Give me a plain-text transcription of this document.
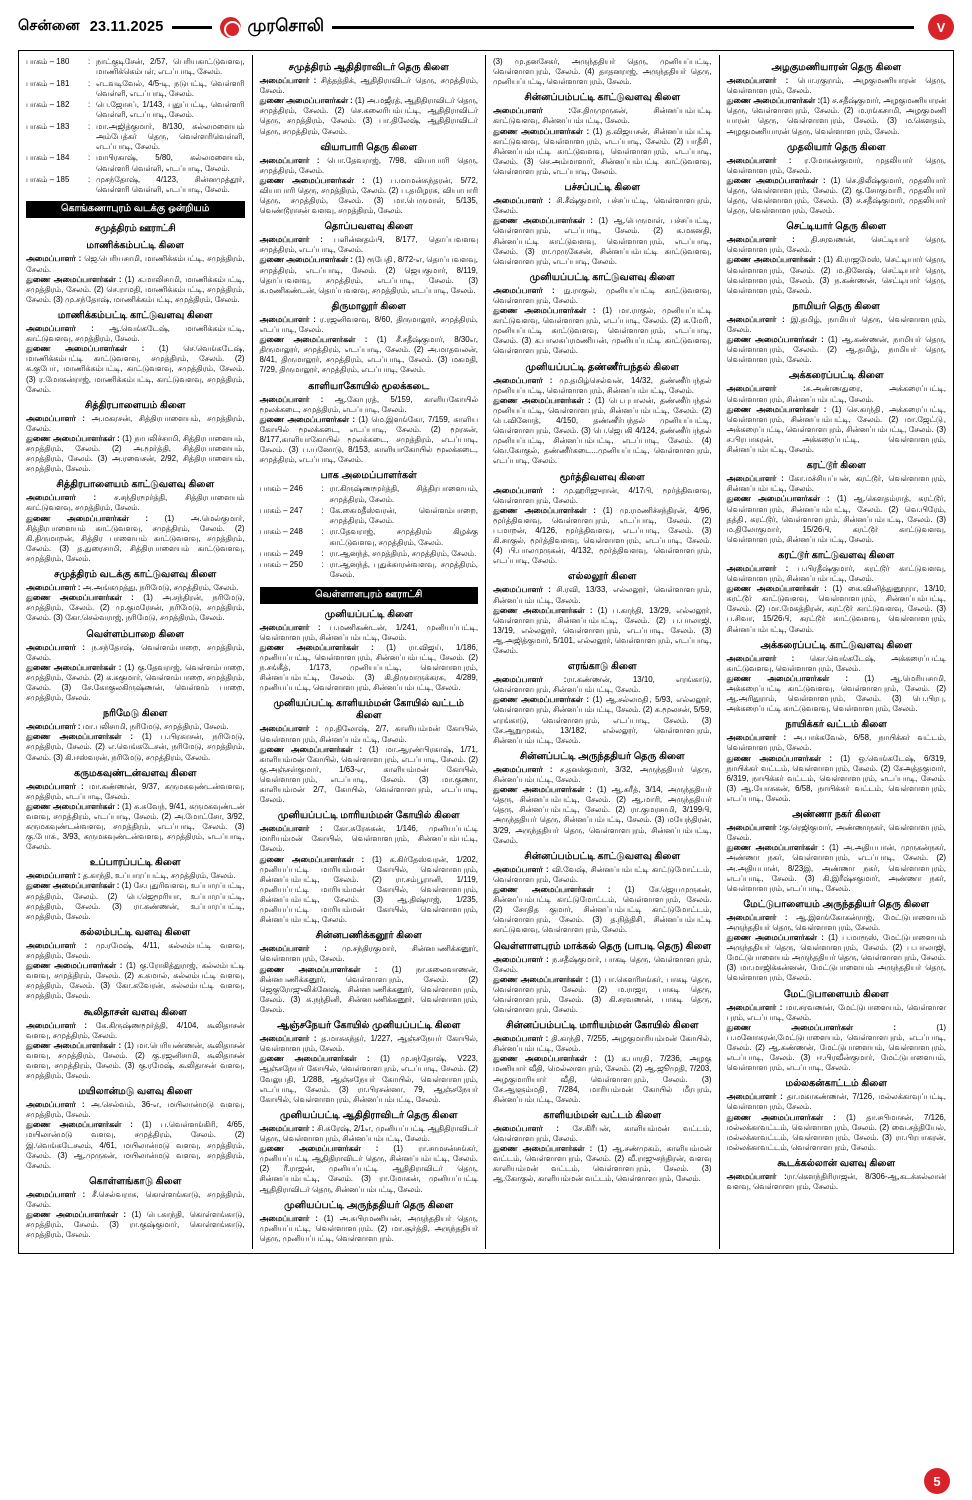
சென்னை 23.11.2025	முரசொலி	V
பாகம் – 180	: நாட்குடிசேன், 2/57, பெரியகாட்டுவளவு, மாணிக்கெம்பள், எடப்பாடி, சேலம்.
பாகம் – 181	: எடவடிவேல், 4/5-டி, நடுபட்டி, வெள்ளரி வெள்ளி, எடப்பாடி, சேலம்.
பாகம் – 182	: பெ.ஜோசப், 1/143, புதுப்பட்டி, வெள்ளரி வெள்ளி, எடப்பாடி, சேலம்.
பாகம் – 183	: மா.அஜித்குமார், 8/130, கல்லமளையம் அம்பேத்கர் தெரு, வெள்ளரிவெள்ளி, எடப்பாடி, சேலம்.
பாகம் – 184	: மாபிரகாஷ், 5/80, கல்லமளையம், வெள்ளரி வெள்ளி, எடப்பாடி, சேலம்.
பாகம் – 185	: முசந்தோஷ், 4/123, சின்னமுத்தூர், வெள்ளரி வெள்ளி, எடப்பாடி, சேலம்.
கொங்கணாபுரம் வடக்கு ஒன்றியம்
சமுத்திரம் ஊராட்சி
மாணிக்கம்பட்டி கிளை
அமைப்பாளர் : ஜெ.பெரியசாமி, மாணிக்கம்பட்டி, சமுத்திரம், சேலம்.
துணை அமைப்பாளர்கள் : (1) க.மாலிசாமி, மாணிக்கம்பட்டி, சமுத்திரம், சேலம். (2) செ.ராமதி, மாணிக்கம்பட்டி, சமுத்திரம், சேலம். (3) மு.சந்தோஷ், மாணிக்கம்பட்டி, சமுத்திரம், சேலம்.
மாணிக்கம்பட்டி காட்டுவளவு கிளை
அமைப்பாளர் : ஆ.வெங்கடேஷ், மாணிக்கம்பட்டி, காட்டுவளவு, சமுத்திரம், சேலம்.
துணை அமைப்பாளர்கள் : (1) செ.வெங்கடேஷ், மாணிக்கம்பட்டி காட்டுவளவு, சமுத்திரம், சேலம். (2) க.குபோ், மாணிக்கம்பட்டி, காட்டுவளவு, சமுத்திரம், சேலம். (3) ர.மோகன்ராஜ், மாணிக்கம்பட்டி, காட்டுவளவு, சமுத்திரம், சேலம்.
சித்திரபாளையம் கிளை
அமைப்பாளர் : அ.மகரசன், சித்திரபாளையம், சமுத்திரம், சேலம்.
துணை அமைப்பாளர்கள் : (1) நாபலிச்சாமி, சித்திரபாளையம், சமுத்திரம், சேலம். (2) அ.மூர்த்தி, சித்திரபாளையம், சமுத்திரம், சேலம். (3) அ.ரவைசன், 2/92, சித்திரபாளையம், சமுத்திரம், சேலம்.
சித்திரபாளையம் காட்டுவளவு கிளை
அமைப்பாளர் : ச.சந்திரமூர்த்தி, சித்திரபாளையம் காட்டுவளவு, சமுத்திரம், சேலம்.
துணை அமைப்பாளர்கள் : (1) அ.மெல்குமார், சித்திரபாளையம் காட்டுவளவு, சமுத்திரம், சேலம். (2) கி.திருமாறன், சித்திர பாளையம் காட்டுவளவு, சமுத்திரம், சேலம். (3) த.துரைசாமி, சித்திரபாளையம் காட்டுவளவு, சமுத்திரம், சேலம்.
சமுத்திரம் வடக்கு காட்டுவளவு கிளை
அமைப்பாளர் : அ.அங்கமுத்து, நரிமேடு, சமுத்திரம், சேலம்.
துணை அமைப்பாளர்கள் : (1) அ.சந்திரன், நரிமேடு, சமுத்திரம், சேலம். (2) மு.குமரேசன், நரிமேடு, சமுத்திரம், சேலம். (3) கோ.செல்வராஜ், நரிமேடு, சமுத்திரம், சேலம்.
வெள்ளம்பாறை கிளை
அமைப்பாளர் : ந.சந்தோஷ், வெள்ளம்பாறை, சமுத்திரம், சேலம்.
துணை அமைப்பாளர்கள் : (1) கு.தேவராஜ், வெள்ளம்பாறை, சமுத்திரம், சேலம். (2) க.சுகுமார், வெள்ளம்பாறை, சமுத்திரம், சேலம். (3) சே.கோகுலகிருஷ்ணன், வெள்ளம் பாறை, சமுத்திரம், சேலம்.
நரிமேடு கிளை
அமைப்பாளர் : மா.பலிசாமி, நரிமேடு, சமுத்திரம், சேலம்.
துணை அமைப்பாளர்கள் : (1) ப.பிரகாசன், நரிமேடு, சமுத்திரம், சேலம். (2) எ.வெங்கடேசன், நரிமேடு, சமுத்திரம், சேலம். (3) கி.ஈஸ்வரன், நரிமேடு, சமுத்திரம், சேலம்.
கருமகவுண்டன்வளவு கிளை
அமைப்பாளர் : மா.கண்ணன், 9/37, கருமகவுண்டன்வளவு, சமுத்திரம், எடப்பாடி, சேலம்.
துணை அமைப்பாளர்கள் : (1) சு.சுவேந், 9/41, கருமகவுண்டன் வளவு, சமுத்திரம், எடப்பாடி, சேலம். (2) அ.மோட்சோ, 3/92, கருமகவுண்டன்வளவு, சமுத்திரம், எடப்பாடி, சேலம். (3) கு.போசு், 3/93, கருமகவுண்டன்வளவு, சமுத்திரம், எடப்பாடி, சேலம்.
உப்பாரப்பட்டி கிளை
அமைப்பாளர் : த.காந்தி, உப்பாரப்பட்டி, சமுத்திரம், சேலம்.
துணை அமைப்பாளர்கள் : (1) சே.புதுரிவளவு, உப்பாரப்பட்டி, சமுத்திரம், சேலம். (2) பெ.ஜெமூரியா, உப்பாரப்பட்டி, சமுத்திரம், சேலம். (3) ரா.கண்ணன், உப்பாரப்பட்டி, சமுத்திரம், சேலம்.
கல்லம்பட்டி வளவு கிளை
அமைப்பாளர் : மு.ரமேஷ், 4/11, கல்லம்பட்டி வளவு, சமுத்திரம், சேலம்.
துணை அமைப்பாளர்கள் : (1) கு.ரோகித்துராஜ், கல்லம்பட்டி வளவு, சமுத்திரம், சேலம். (2) க.கமால், கல்லம்பட்டி வளவு, சமுத்திரம், சேலம். (3) கோ.கவேரன், கல்லம்பட்டி வளவு, சமுத்திரம், சேலம்.
கூலிதாசன் வளவு கிளை
அமைப்பாளர் : கே.கிருஷ்ணமூர்த்தி, 4/104, கூலிதாசன் வளவு, சமுத்திரம், சேலம்.
துணை அமைப்பாளர்கள் : (1) மா.பெரியண்ணன், கூலிதாசன் வளவு, சமுத்திரம், சேலம். (2) கு.ரஜனிசாமி, கூலிதாசன் வளவு, சமுத்திரம், சேலம். (3) கு.ரமேஷ், கூலிதாசன் வளவு, சமுத்திரம், சேலம்.
மயிலான்மடு வளவு கிளை
அமைப்பாளர் : அ.செல்வம், 36-எ, மயிலான்மடு வளவு, சமுத்திரம், சேலம்.
துணை அமைப்பாளர்கள் : (1) ப.வெள்ளங்கிரி, 4/65, மயிலான்மடு வளவு, சமுத்திரம், சேலம். (2) இ.வெங்கடேசலம், 4/61, மயிலான்மடு வளவு, சமுத்திரம், சேலம். (3) ஆ.முருகன், மயிலான்மடு வளவு, சமுத்திரம், சேலம்.
கொள்ளங்காடு கிளை
அமைப்பாளர் : சீ.செல்வராசு, கொள்ளங்காடு, சமுத்திரம், சேலம்.
துணை அமைப்பாளர்கள் : (1) பெ.காந்தி, கொள்ளங்காடு, சமுத்திரம், சேலம். (3) ரா.குஷ்குமார், கொள்ளங்காடு, சமுத்திரம், சேலம்.
சமுத்திரம் ஆதிதிராவிடர் தெரு கிளை
அமைப்பாளர் : சித்தத்திக், ஆதிதிராவிடர் தெரு, சமுத்திரம், சேலம்.
துணை அமைப்பாளர்கள் : (1) அ.மஜீரத், ஆதிதிராவிடர் தெரு, சமுத்திரம், சேலம். (2) செ.கலைரிபம்பட்டி, ஆதிதிராவிடர் தெரு, சமுத்திரம், சேலம். (3) பா.திலேஷ், ஆதிதிராவிடர் தெரு, சமுத்திரம், சேலம்.
வியாபாரி தெரு கிளை
அமைப்பாளர் : பொ.தேவராஜ், 7/98, வியாபாரி தெரு, சமுத்திரம், சேலம்.
துணை அமைப்பாளர்கள் : (1) ப.மாமன்சுந்தரன், 5/72, வியாபாரி தெரு, சமுத்திரம், சேலம். (2) ப.தமிழரசு, வியாபாரி தெரு, சமுத்திரம், சேலம். (3) மா.பெருமாள், 5/135, வெண்டூராசன் வளவு, சமுத்திரம், சேலம்.
தொப்பவளவு கிளை
அமைப்பாளர் : பளின்னதம்பி, 8/177, தொப்பவளவு சமுத்திரம், எடப்பாடி, சேலம்.
துணை அமைப்பாளர்கள் : (1) ரூபேதி், 8/72-எ, தொப்பவளவு, சமுத்திரம், எடப்பாடி, சேலம். (2) ஜெயகுமார், 8/119, தொப்பவளவு, சமுத்திரம், எடப்பாடி, சேலம். (3) க.மணிகண்டன், தொப்பவளவு, சமுத்திரம், எடப்பாடி, சேலம்.
திருமாலூர் கிளை
அமைப்பாளர் : ர.ரஜனிவளவு, 8/60, திருமாலூர், சமுத்திரம், எடப்பாடி, சேலம்.
துணை அமைப்பாளர்கள் : (1) சீ.சதீஷ்குமார், 8/30எ, திருமாலூர், சமுத்திரம், எடப்பாடி, சேலம். (2) அ.மாதவலன், 8/41, திருமாலூர், சமுத்திரம், எடப்பாடி, சேலம். (3) மகமதி, 7/29, திருமாலூர், சமுத்திரம், எடப்பாடி, சேலம்.
காளியாகோயில் மூலக்கடை
அமைப்பாளர் : ஆ.கோபுரத், 5/159, காளியகோயில் மூலக்கடை, சமுத்திரம், எடப்பாடி, சேலம்.
துணை அமைப்பாளர்கள் : (1) மெ.இளங்கோ, 7/159, காளிய கோயில் மூலக்கடை, எடப்பாடி, சேலம். (2) மூரகன், 8/177,காளியாகோயில் மூலக்கடை, சமுத்திரம், எடப்பாடி, சேலம். (3) ப.யனோடு, 8/153, காளியாகோயில் மூலக்கடை, சமுத்திரம், எடப்பாடி, சேலம்.
பாக அமைப்பாளர்கள்
பாகம் – 246	: ரா.கிருஷ்ணமூர்த்தி, சித்திரபாளையம், சமுத்திரம், சேலம்.
பாகம் – 247	: கே.கைமதீஸ்வரன், வெள்ளம்பாறை, சமுத்திரம், சேலம்.
பாகம் – 248	: ரா.தேவராஜ், சமுத்திரம் கிழக்கு காட்டுவளவு, சமுத்திரம், சேலம்.
பாகம் – 249	: ரா.ஆனந்த், சமுத்திரம், சமுத்திரம், சேலம்.
பாகம் – 250	: ரா.ஆனந்த், புதுக்காரன்வளவு, சமுத்திரம், சேலம்.
வெள்ளாளபுரம் ஊராட்சி
முனியப்பட்டி கிளை
அமைப்பாளர் : ப.மணிகண்டன், 1/241, முனியப்பட்டி, வெள்ளாளபுரம், சின்னப்பம்பட்டி, சேலம்.
துணை அமைப்பாளர்கள் : (1) ரா.விஜய், 1/186, முனியப்பட்டி, வெள்ளாளபுரம், சின்னப்பம்பட்டி, சேலம். (2) ந.சங்கீத், 1/173, முனியப்பட்டி, வெள்ளாளபுரம், சின்னப்பம்பட்டி, சேலம். (3) கி.திருமாருக்கரசு, 4/289, முனியப்பட்டி, வெள்ளாளபுரம், சின்னப்பம்பட்டி, சேலம்.
முனியப்பட்டி காளியம்மன் கோயில் வட்டம் கிளை
அமைப்பாளர் : மு.திலோஷ், 2/7, காளியம்மன் கோயில், வெள்ளாளபுரம், சின்னப்பம்பட்டி, சேலம்.
துணை அமைப்பாளர்கள் : (1) மா.ஆரண்பிரகாஷ், 1/71, காளியம்மன் கோயில், வெள்ளாளபுரம், எடப்பாடி, சேலம். (2) கு.அஞ்சள்குமார், 1/63-எ, காளியம்மன் கோயில், வெள்ளாளபுரம், எடப்பாடி, சேலம். (3) மா.குணா, காளியம்மன் 2/7, கோயில், வெள்ளாளபுரம், எடப்பாடி, சேலம்.
முனியப்பட்டி மாரியம்மன் கோயில் கிளை
அமைப்பாளர் : கோ.சுரேசுகன், 1/146, முனியப்பட்டி மாரியம்மன் கோயில், வெள்ளாளபுரம், சின்னப்பம்பட்டி, சேலம்.
துணை அமைப்பாளர்கள் : (1) க.கிர்தேஸ்வரன், 1/202, முனியப்பட்டி மாரியம்மன் கோயில், வெள்ளாளபுரம், சின்னப்பம்பட்டி, சேலம். (2) ரா.சம்பூரானி, 1/119, முனியப்பட்டி மாரியம்மன் கோயில், வெள்ளாளபுரம், சின்னப்பம்பட்டி, சேலம். (3) ஆ.திஷ்ராஜ், 1/235, முனியப்பட்டி மாரியம்மன் கோயில், வெள்ளாளபுரம், சின்னப்பம்பட்டி, சேலம்.
சின்னபணிக்கனூர் கிளை
அமைப்பாளர் : மு.சந்திரகுமார், சின்னபணிக்கனூர், வெள்ளாளபுரம், சேலம்.
துணை அமைப்பாளர்கள் : (1) நா.கலைவாணன், சின்னபணிக்கனூர், வெள்ளாளபுரம், சேலம். (2) ஜெகுரோஜுலிக்னேஷ், சின்னபணிக்கனூர், வெள்ளாளபுரம், சேலம். (3) சு.நந்தினி, சின்னபணிக்கனூர், வெள்ளாளபுரம், சேலம்.
ஆஞ்சநேயர் கோயில் முனியப்பட்டி கிளை
அமைப்பாளர் : த.மாசுசுந்தர், 1/227, ஆஞ்சநேயர் கோயில், வெள்ளாளபுரம், சேலம்.
துணை அமைப்பாளர்கள் : (1) மு.சந்தோஷ், V223, ஆஞ்சநேயர் கோயில், வெள்ளாளபுரம், எடப்பாடி, சேலம். (2) வேலுபதி, 1/288, ஆஞ்சநேயர் கோயில், வெள்ளாளபுரம், எடப்பாடி, சேலம். (3) ரா.பிரசன்னா, 79, ஆஞ்சநேயர் கோயில், வெள்ளாளபுரம், சின்னப்பம்பட்டி, சேலம்.
முனியப்பட்டி ஆதிதிராவிடர் தெரு கிளை
அமைப்பாளர் : சி.சுரேஷ், 2/1எ, முனியப்பட்டி ஆதிதிராவிடர் தெரு, வெள்ளாளபுரம், சின்னப்பம்பட்டி, சேலம்.
துணை அமைப்பாளர்கள் : (1) ரா.சாமசன்சங்கர், முனியப்பட்டி ஆதிதிராவிடர் தெரு, சின்னப்பம்பட்டி, சேலம். (2) ரீ.ராஜன், முனியப்பட்டி ஆதிதிராவிடர் தெரு, சின்னப்பம்பட்டி, சேலம். (3) ரா.மோகன், முனியப்பட்டி ஆதிதிராவிடர் தெரு, சின்னப்பம்பட்டி, சேலம்.
முனியப்பட்டி அருந்ததியர் தெரு கிளை
அமைப்பாளர் : (1) அ.சுபிரமணியன், அருந்ததியர் தெரு, முனியப்பட்டி, வெள்ளாளபுரம். (2) மா.சூர்த்தி, அருந்ததியர் தெரு, முனியப்பட்டி, வெள்ளாளபுரம்.
(3) மு.தனசேகர், அருந்ததியர் தெரு, முனியப்பட்டி, வெள்ளாளபுரம், சேலம். (4) தாதனராஜ், அருந்ததியர் தெரு, முனியப்பட்டி, வெள்ளாளபுரம், சேலம்.
சின்னப்பம்பட்டி காட்டுவளவு கிளை
அமைப்பாளர் :சே.திருமுருகன், சின்னப்பம்பட்டி காட்டுவளவு, சின்னப்பம்பட்டி, சேலம்.
துணை அமைப்பாளர்கள் : (1) த.விஜயசன், சின்னப்பம்பட்டி காட்டுவளவு, வெள்ளாளபுரம், எடப்பாடி, சேலம். (2) பாதீசி், சின்னப்பம்பட்டி காட்டுவளவு, வெள்ளாளபுரம், எடப்பாடி, சேலம். (3) செ.அம்மாளார், சின்னப்பம்பட்டி காட்டுவளவு, வெள்ளாளபுரம், எடப்பாடி, சேலம்.
பச்சப்பட்டி கிளை
அமைப்பாளர் : சி.சீஷ்குமார், பச்சப்பட்டி, வெள்ளாளபுரம், சேலம்.
துணை அமைப்பாளர்கள் : (1) ஆ.பெருமாள், பச்சப்பட்டி, வெள்ளாளபுரம், எடப்பாடி, சேலம். (2) க.மகனதி, சின்னப்பட்டி காட்டுவளவு, வெள்ளாளபுரம், எடப்பாடி, சேலம். (3) ரா.முருகேசன், சின்னப்பம்பட்டி காட்டுவளவு, வெள்ளாளபுரம், எடப்பாடி, சேலம்.
முனியப்பட்டி காட்டுவளவு கிளை
அமைப்பாளர் : நு.ராகுல், முனியப்பட்டி காட்டுவளவு, வெள்ளாளபுரம், சேலம்.
துணை அமைப்பாளர்கள் : (1) மா.ராகுல், முனியப்பட்டி காட்டுவளவு, வெள்ளாளபுரம், எடப்பாடி, சேலம். (2) க.மேரி், முனியப்பட்டி காட்டுவளவு, வெள்ளாளபுரம், எடப்பாடி, சேலம். (3) க.பாலசுப்ரமணியன், முனியப்பட்டி காட்டுவளவு, வெள்ளாளபுரம், சேலம்.
முனியப்பட்டி தண்ணீர்பந்தல் கிளை
அமைப்பாளர் : மு.தமிழ்செல்வன், 14/32, தண்ணீர்பந்தல் முனியப்பட்டி, வெள்ளாளபுரம், சின்னப்பம்பட்டி, சேலம்.
துணை அமைப்பாளர்கள் : (1) பெ.புபாலன், தண்ணீர்பந்தல் முனியப்பட்டி, வெள்ளாளபுரம், சின்னப்பம்பட்டி, சேலம். (2) பெ.வினோத், 4/150, தண்ணீர்பந்தல் முனியப்பட்டி, வெள்ளாளபுரம், சேலம். (3) பெ.ஜெபகி 4/124, தண்ணீர்பந்தல் முனியப்பட்டி, சின்னப்பம்பட்டி, எடப்பாடி, சேலம். (4) வெ.கோகுல், தண்ணீர்கடை...முனியப்பட்டி, வெள்ளாளபுரம், எடப்பாடி, சேலம்.
மூர்த்திவளவு கிளை
அமைப்பாளர் : மு.ஹரிஜுரான், 4/17பி, மூர்த்திவளவு, வெள்ளாளபுரம், சேலம்.
துணை அமைப்பாளர்கள் : (1) மு.ரமணிச்சந்திரன், 4/96, மூர்த்திவளவு, வெள்ளாளபுரம், எடப்பாடி, சேலம். (2) ப.மாறன், 4/126, மூர்த்திவளவு, எடப்பாடி, சேலம். (3) கி.சாகுல், மூர்த்திவளவு, வெள்ளாளபுரம், எடப்பாடி, சேலம். (4) பி.பாலமுருகன், 4/132, மூர்த்திவளவு, வெள்ளாளபுரம், எடப்பாடி, சேலம்.
எல்லலூர் கிளை
அமைப்பாளர் : சி.ரவி, 13/33, எல்லலூர், வெள்ளாளபுரம், சின்னப்பம்பட்டி, சேலம்.
துணை அமைப்பாளர்கள் : (1) ப.காந்தி, 13/29, எல்லலூர், வெள்ளாளபுரம், சின்னப்பம்பட்டி, சேலம். (2) ப.பாலாஜி, 13/19, எல்லலூர், வெள்ளாளபுரம், எடப்பாடி, சேலம். (3) ஆ.அஜித்குமார், 5/101, எல்லலூர், வெள்ளாளபுரம், எடப்பாடி, சேலம்.
எரங்காடு கிளை
அமைப்பாளர் :ரா.கண்ணன், 13/10, எரங்காடு, வெள்ளாளபுரம், சின்னப்பம்பட்டி, சேலம்.
துணை அமைப்பாளர்கள் : (1) ஆ.சல்லமதி், 5/93, எல்லலூர், வெள்ளாளபுரம், சின்னப்பம்பட்டி, சேலம். (2) சு.மூலசன், 5/59, எரங்காடு, வெள்ளாளபுரம், எடப்பாடி, சேலம். (3) சே.ஆறுமுகம், 13/182, எல்லலூர், வெள்ளாளபுரம், சின்னப்பம்பட்டி, சேலம்.
சின்னப்பட்டி அருந்ததியர் தெரு கிளை
அமைப்பாளர் : ச.தனக்குமார், 3/32, அருந்ததியர் தெரு, சின்னப்பம்பட்டி, சேலம்.
துணை அமைப்பாளர்கள் : (1) ஆ.சுரீத், 3/14, அருந்ததியர் தெரு, சின்னப்பம்பட்டி, சேலம். (2) ஆ.மாரி, அருந்ததியர் தெரு, சின்னப்பம்பட்டி, சேலம். (2) ரா.குமரசாமி, 3/199பி, அருந்ததியர் தெரு, சின்னப்பம்பட்டி, சேலம். (3) மயேந்திரன், 3/29, அருந்ததியர் தெரு, வெள்ளாளபுரம், சின்னப்பம்பட்டி, சேலம்.
சின்னப்பம்பட்டி காட்டுவளவு கிளை
அமைப்பாளர் : வி.வேஷ், சின்னப்பம்பட்டி காட்டுமோட்டம், வெள்ளாளபுரம், சேலம்.
துணை அமைப்பாளர்கள் : (1) சே.ஜெயமுருகன், சின்னப்பம்பட்டி காட்டுமோட்டம், வெள்ளாளபுரம், சேலம். (2) சோதித குமார், சின்னப்பம்பட்டி காட்டுமோட்டம், வெள்ளாளபுரம், சேலம். (3) த.நித்திசி், சின்னப்பம்பட்டி காட்டுவளவு, வெள்ளாளபுரம், சேலம்.
வெள்ளாளபுரம் மாக்கல் தெரு (பாபடி தெரு) கிளை
அமைப்பாளர் : ந.சதீஷ்குமார், பாகடி தெரு, வெள்ளாளபுரம், சேலம்.
துணை அமைப்பாளர்கள் : (1) பா.கௌரிசங்கர், பாகடி தெரு, வெள்ளாளபுரம், சேலம். (2) ம.ராஜா, பாகடி தெரு, வெள்ளாளபுரம், சேலம். (3) கி.சரவணன், பாகடி தெரு, வெள்ளாளபுரம், சேலம்.
சின்னப்பம்பட்டி மாரியம்மன் கோயில் கிளை
அமைப்பாளர் : தி.காந்தி், 7/255, அழகுமாரியம்மன் கோயில், சின்னப்பம்பட்டி, சேலம்.
துணை அமைப்பாளர்கள் : (1) க.பாரதி், 7/236, அழகு மணியார் வீதி, மெல்லாளபுரம், சேலம். (2) ஆ.ஜூமுதி, 7/203, அழகுமாரியார் வீதி, வெள்ளாளபுரம், சேலம். (3) சே.ஆளும்மதி், 7/284, மாரியம்மன் கோயில் மீரபுரம், சின்னப்பம்பட்டி, சேலம்.
காளியம்மன் வட்டம் கிளை
அமைப்பாளர் : சே.கிரீபன், காளியம்மன் வட்டம், வெள்ளாளபுரம், சேலம்.
துணை அமைப்பாளர்கள் : (1) ஆ.சண்முகம், காளியம்மன் வட்டம், வெள்ளாளபுரம், சேலம். (2) வீ.ராஜுசந்திரன், வளவு காளியம்மன் வட்டம், வெள்ளாளபுரம், சேலம். (3) ஆ.கோகுல், காளியம்மன் வட்டம், வெள்ளாளபுரம், சேலம்.
அழகுமணியாரன் தெரு கிளை
அமைப்பாளர் : பொ.ரகுராம், அழகுமணியாரன் தெரு, வெள்ளாளபுரம், சேலம்.
துணை அமைப்பாளர்கள் :(1) ச.சதீஷ்குமார், அழகுமணியாரன் தெரு, வெள்ளாளபுரம், சேலம். (2) ம.ரங்கசாமி, அழகுமணி யாரன் தெரு, வெள்ளாளபுரம், சேலம். (3) ம.கௌதம், அழகுமணியாரன் தெரு, வெள்ளாளபுரம், சேலம்.
முதலியார் தெரு கிளை
அமைப்பாளர் : ர.மோகன்குமார், முதலியார் தெரு, வெள்ளாளபுரம், சேலம்.
துணை அமைப்பாளர்கள் : (1) செ.திலீஷ்குமார், முதலியார் தெரு, வெள்ளாளபுரம், சேலம். (2) கு.சோகுமாரி், முதலியார் தெரு, வெள்ளாளபுரம், சேலம். (3) ச.சதீஷ்குமார், முதலியார் தெரு, வெள்ளாளபுரம், சேலம்.
செட்டியார் தெரு கிளை
அமைப்பாளர் : தி.சரவணன், செட்டியார் தெரு, வெள்ளாளபுரம், சேலம்.
துணை அமைப்பாளர்கள் : (1) கி.ராஜமேஸ், செட்டியார் தெரு, வெள்ளாளபுரம், சேலம். (2) ம.தினேஷ், செட்டியார் தெரு, வெள்ளாளபுரம், சேலம். (3) ந.கண்ணன், செட்டியார் தெரு, வெள்ளாளபுரம், சேலம்.
நாமியர் தெரு கிளை
அமைப்பாளர் : இ.தமிழ், நாமியர் தெரு, வெள்ளாளபுரம், சேலம்.
துணை அமைப்பாளர்கள் : (1) ஆ.கண்ணன், நாமியர் தெரு, வெள்ளாளபுரம், சேலம். (2) ஆ.தமிழ், நாமியர் தெரு, வெள்ளாளபுரம், சேலம்.
அக்கரைப்பட்டி கிளை
அமைப்பாளர் :சு.அண்ணதுரை, அக்கரைப்பட்டி, வெள்ளாளபுரம், சின்னப்பம்பட்டி, சேலம்.
துணை அமைப்பாளர்கள் : (1) செ.காந்தி், அக்கரைப்பட்டி, வெள்ளாளபுரம், சின்னப்பம்பட்டி, சேலம். (2) மா.ஜேட்டு், அக்கரைப்பட்டி, வெள்ளாளபுரம், சின்னப்பம்பட்டி, சேலம். (3) ச.பிரபாகரன், அக்கரைப்பட்டி, வெள்ளாளபுரம், சின்னப்பம்பட்டி, சேலம்.
கரட்டூர் கிளை
அமைப்பாளர் : கோ.மச்சியப்பன், கரட்டூர், வெள்ளாளபுரம், சின்னப்பம்பட்டி, சேலம்.
துணை அமைப்பாளர்கள் : (1) ஆ.கௌதம்ராத், கரட்டூர், வெள்ளாளபுரம், சின்னப்பம்பட்டி, சேலம். (2) வெ.பிரேம், தத்தி், கரட்டூர், வெள்ளாளபுரம், சின்னப்பம்பட்டி, சேலம். (3) ம.திலோகுமார், 15/26பி, கரட்டூர் காட்டுவளவு, வெள்ளாளபுரம், சின்னப்பம்பட்டி, சேலம்.
கரட்டூர் காட்டுவளவு கிளை
அமைப்பாளர் : ப.பிரதீஷ்குமார், கரட்டூர் காட்டுவளவு, வெள்ளாளபுரம், சின்னப்பம்பட்டி, சேலம்.
துணை அமைப்பாளர்கள் : (1) கை.வினித்துனூரரா, 13/10, கரட்டூர் காட்டுவளவு, வெள்ளாளபுரம், சின்னப்பம்பட்டி, சேலம். (2) மா.மேகத்திரன், கரட்டூர் காட்டுவளவு, சேலம். (3) ப.சிவா, 15/26பி, கரட்டூர் காட்டுவளவு, வெள்ளாளபுரம், சின்னப்பம்பட்டி, சேலம்.
அக்கரைப்பட்டி காட்டுவளவு கிளை
அமைப்பாளர் : கொ.வெங்கடேஷ், அக்கரைப்பட்டி காட்டுவளவு, வெள்ளாளபுரம், சேலம்.
துணை அமைப்பாளர்கள் : (1) ஆ.மெரியசாமி, அக்கரைப்பட்டி காட்டுவளவு, வெள்ளாளபுரம், சேலம். (2) ஆ.அரிதுராம், வெள்ளாளபுரம், சேலம். (3) பெ.பிரபு, அக்கரைப்பட்டி காட்டுவளவு, வெள்ளாளபுரம், சேலம்.
நாயிக்கர் வட்டம் கிளை
அமைப்பாளர் : அ.பாக்கவேல், 6/58, நாயிக்கர் வட்டம், வெள்ளாளபுரம், சேலம்.
துணை அமைப்பாளர்கள் : (1) ஒ.வெங்கடேஷ், 6/319, நாயிக்கர் வட்டம், வெள்ளாளபுரம், சேலம். (2) சேஅத்தகுமார், 6/319, நாயிக்கர் வட்டம், வெள்ளாளபுரம், எடப்பாடி, சேலம். (3) ஆ.யோசுகன், 6/58, நாயிக்கர் வட்டம், வெள்ளாளபுரம், எடப்பாடி, சேலம்.
அண்ணா நகர் கிளை
அமைப்பாளர் :கு.ரெஜிகுமார், அண்ணாநகர், வெள்ளாளபுரம், சேலம்.
துணை அமைப்பாளர்கள் : (1) அ.அதியபான், முருகன்நகர், அண்ணா நகர், வெள்ளாளபுரம், எடப்பாடி, சேலம். (2) அ.அதியபான், 8/23இ, அண்ணா நகர், வெள்ளாளபுரம், எடப்பாடி, சேலம். (3) கி.இரீஷ்சகுமார், அண்ணா நகர், வெள்ளாளபுரம், எடப்பாடி, சேலம்.
மேட்டுபாளையம் அருந்ததியர் தெரு கிளை
அமைப்பாளர் : ஆ.இளங்கோகன்ராஜ், மேட்டுபாளையம் அருந்ததியர் தெரு, வெள்ளாளபுரம், சேலம்.
துணை அமைப்பாளர்கள் : (1) ப.மாரூஸ், மேட்டுபாளையம் அருந்ததியர் தெரு, வெள்ளாளபுரம், சேலம். (2) ப.பாலாஜி, மேட்டுபாளையம் அருந்ததியர் தெரு, வெள்ளாளபுரம், சேலம். (3) மா.மாஜிக்கன்னன், மேட்டுபாளையம் அருந்ததியர் தெரு, வெள்ளாளபுரம், சேலம்.
மேட்டுபாளையம் கிளை
அமைப்பாளர் : மா.சரவணன், மேட்டுபாளையம், வெள்ளாள புரம், எடப்பாடி, சேலம்.
துணை அமைப்பாளர்கள் : (1) ப.மனோகரன்,மேட்டுபாளையம், வெள்ளாளபுரம், எடப்பாடி, சேலம். (2) ஆ.கண்ணன், மேட்டுபாளையம், வெள்ளாளபுரம், எடப்பாடி, சேலம். (3) ஈ.பிரவீன்குமார், மேட்டுபாளையம், வெள்ளாளபுரம், எடப்பாடி, சேலம்.
மல்லகன்காட்டம் கிளை
அமைப்பாளர் : தா.மகாகண்ணன், 7/126, மல்லக்காவுப்பட்டி, வெள்ளாளபுரம், சேலம்.
துணை அமைப்பாளர்கள் : (1) தா.சபிமாசன், 7/126, மல்லக்காவட்டம், வெள்ளாளபுரம், சேலம். (2) வை.சத்தியேல், மல்லக்காவட்டம், வெள்ளாளபுரம், சேலம். (3) ரா.பிரபாகரன், மல்லக்காவட்டம், வெள்ளாளபுரம், சேலம்.
கூடக்கல்லான் வளவு கிளை
அமைப்பாளர் :ரா.கௌந்திரிராஜன், 8/306-ஆ,கடக்கல்லான் வளவு, வெள்ளாளபுரம், சேலம்.
5
